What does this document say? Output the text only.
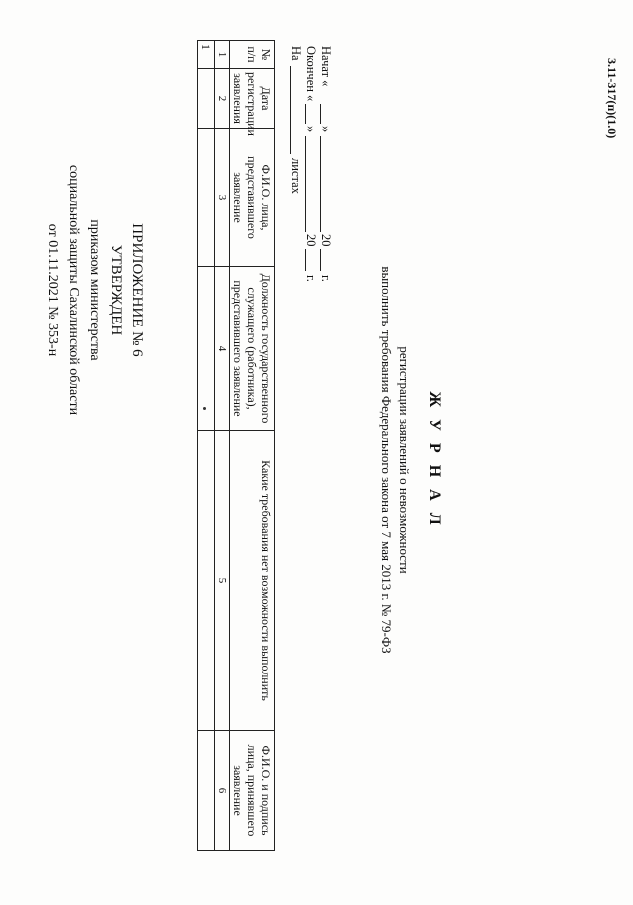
ПРИЛОЖЕНИЕ № 6
УТВЕРЖДЕН
приказом министерства
социальной защиты Сахалинской области
от 01.11.2021 № 353-н
Ж У Р Н А Л
регистрации заявлений о невозможности
выполнить требования Федерального закона от 7 мая 2013 г. № 79-ФЗ
Начат «
»
20
г.
Окончен «
»
20
г.
На
листах
№ п/п	Дата регистрации заявления	Ф.И.О. лица, представившего заявление	Должность государственного служащего (работника), представившего заявление	Какие требования нет возможности выполнить	Ф.И.О. и подпись лица, принявшего заявление
1	2	3	4	5	6
1					
3.11-317(п)(1.0)
